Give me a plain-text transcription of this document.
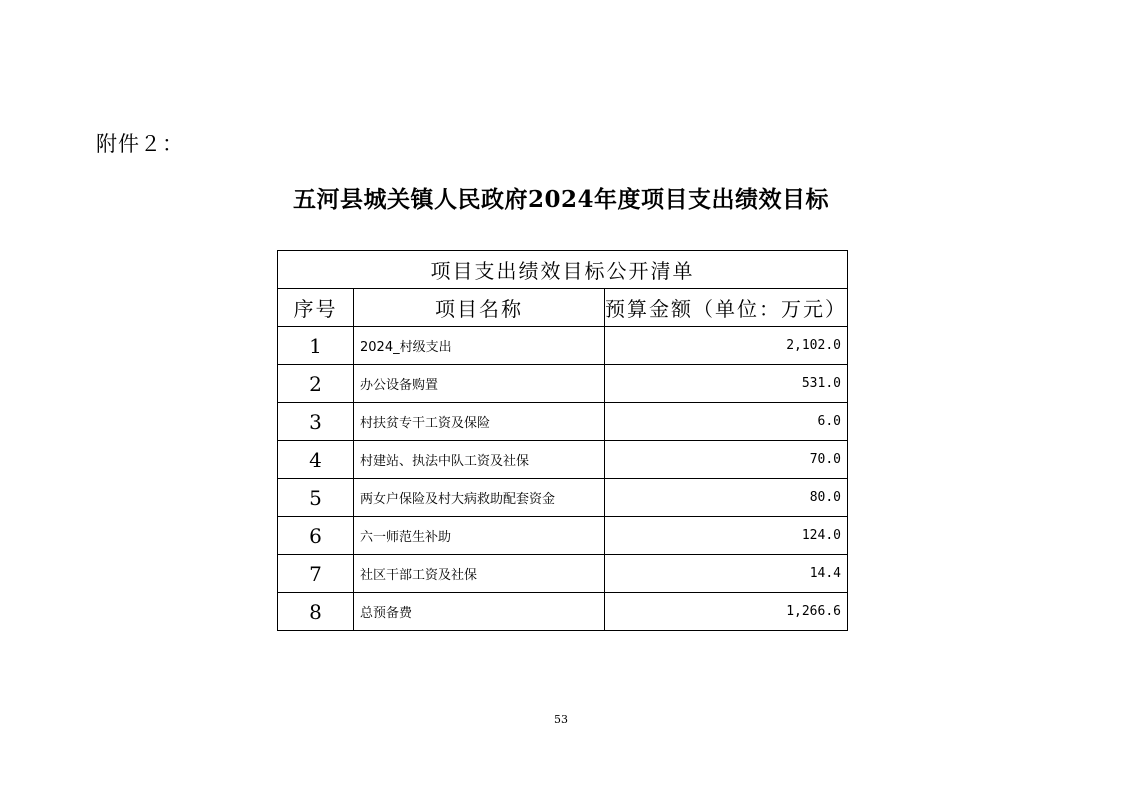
附件２：
五河县城关镇人民政府2024年度项目支出绩效目标
项目支出绩效目标公开清单		
序号	项目名称	预算金额（单位：万元）
1	2024_村级支出	2,102.0
2	办公设备购置	531.0
3	村扶贫专干工资及保险	6.0
4	村建站、执法中队工资及社保	70.0
5	两女户保险及村大病救助配套资金	80.0
6	六一师范生补助	124.0
7	社区干部工资及社保	14.4
8	总预备费	1,266.6
53
